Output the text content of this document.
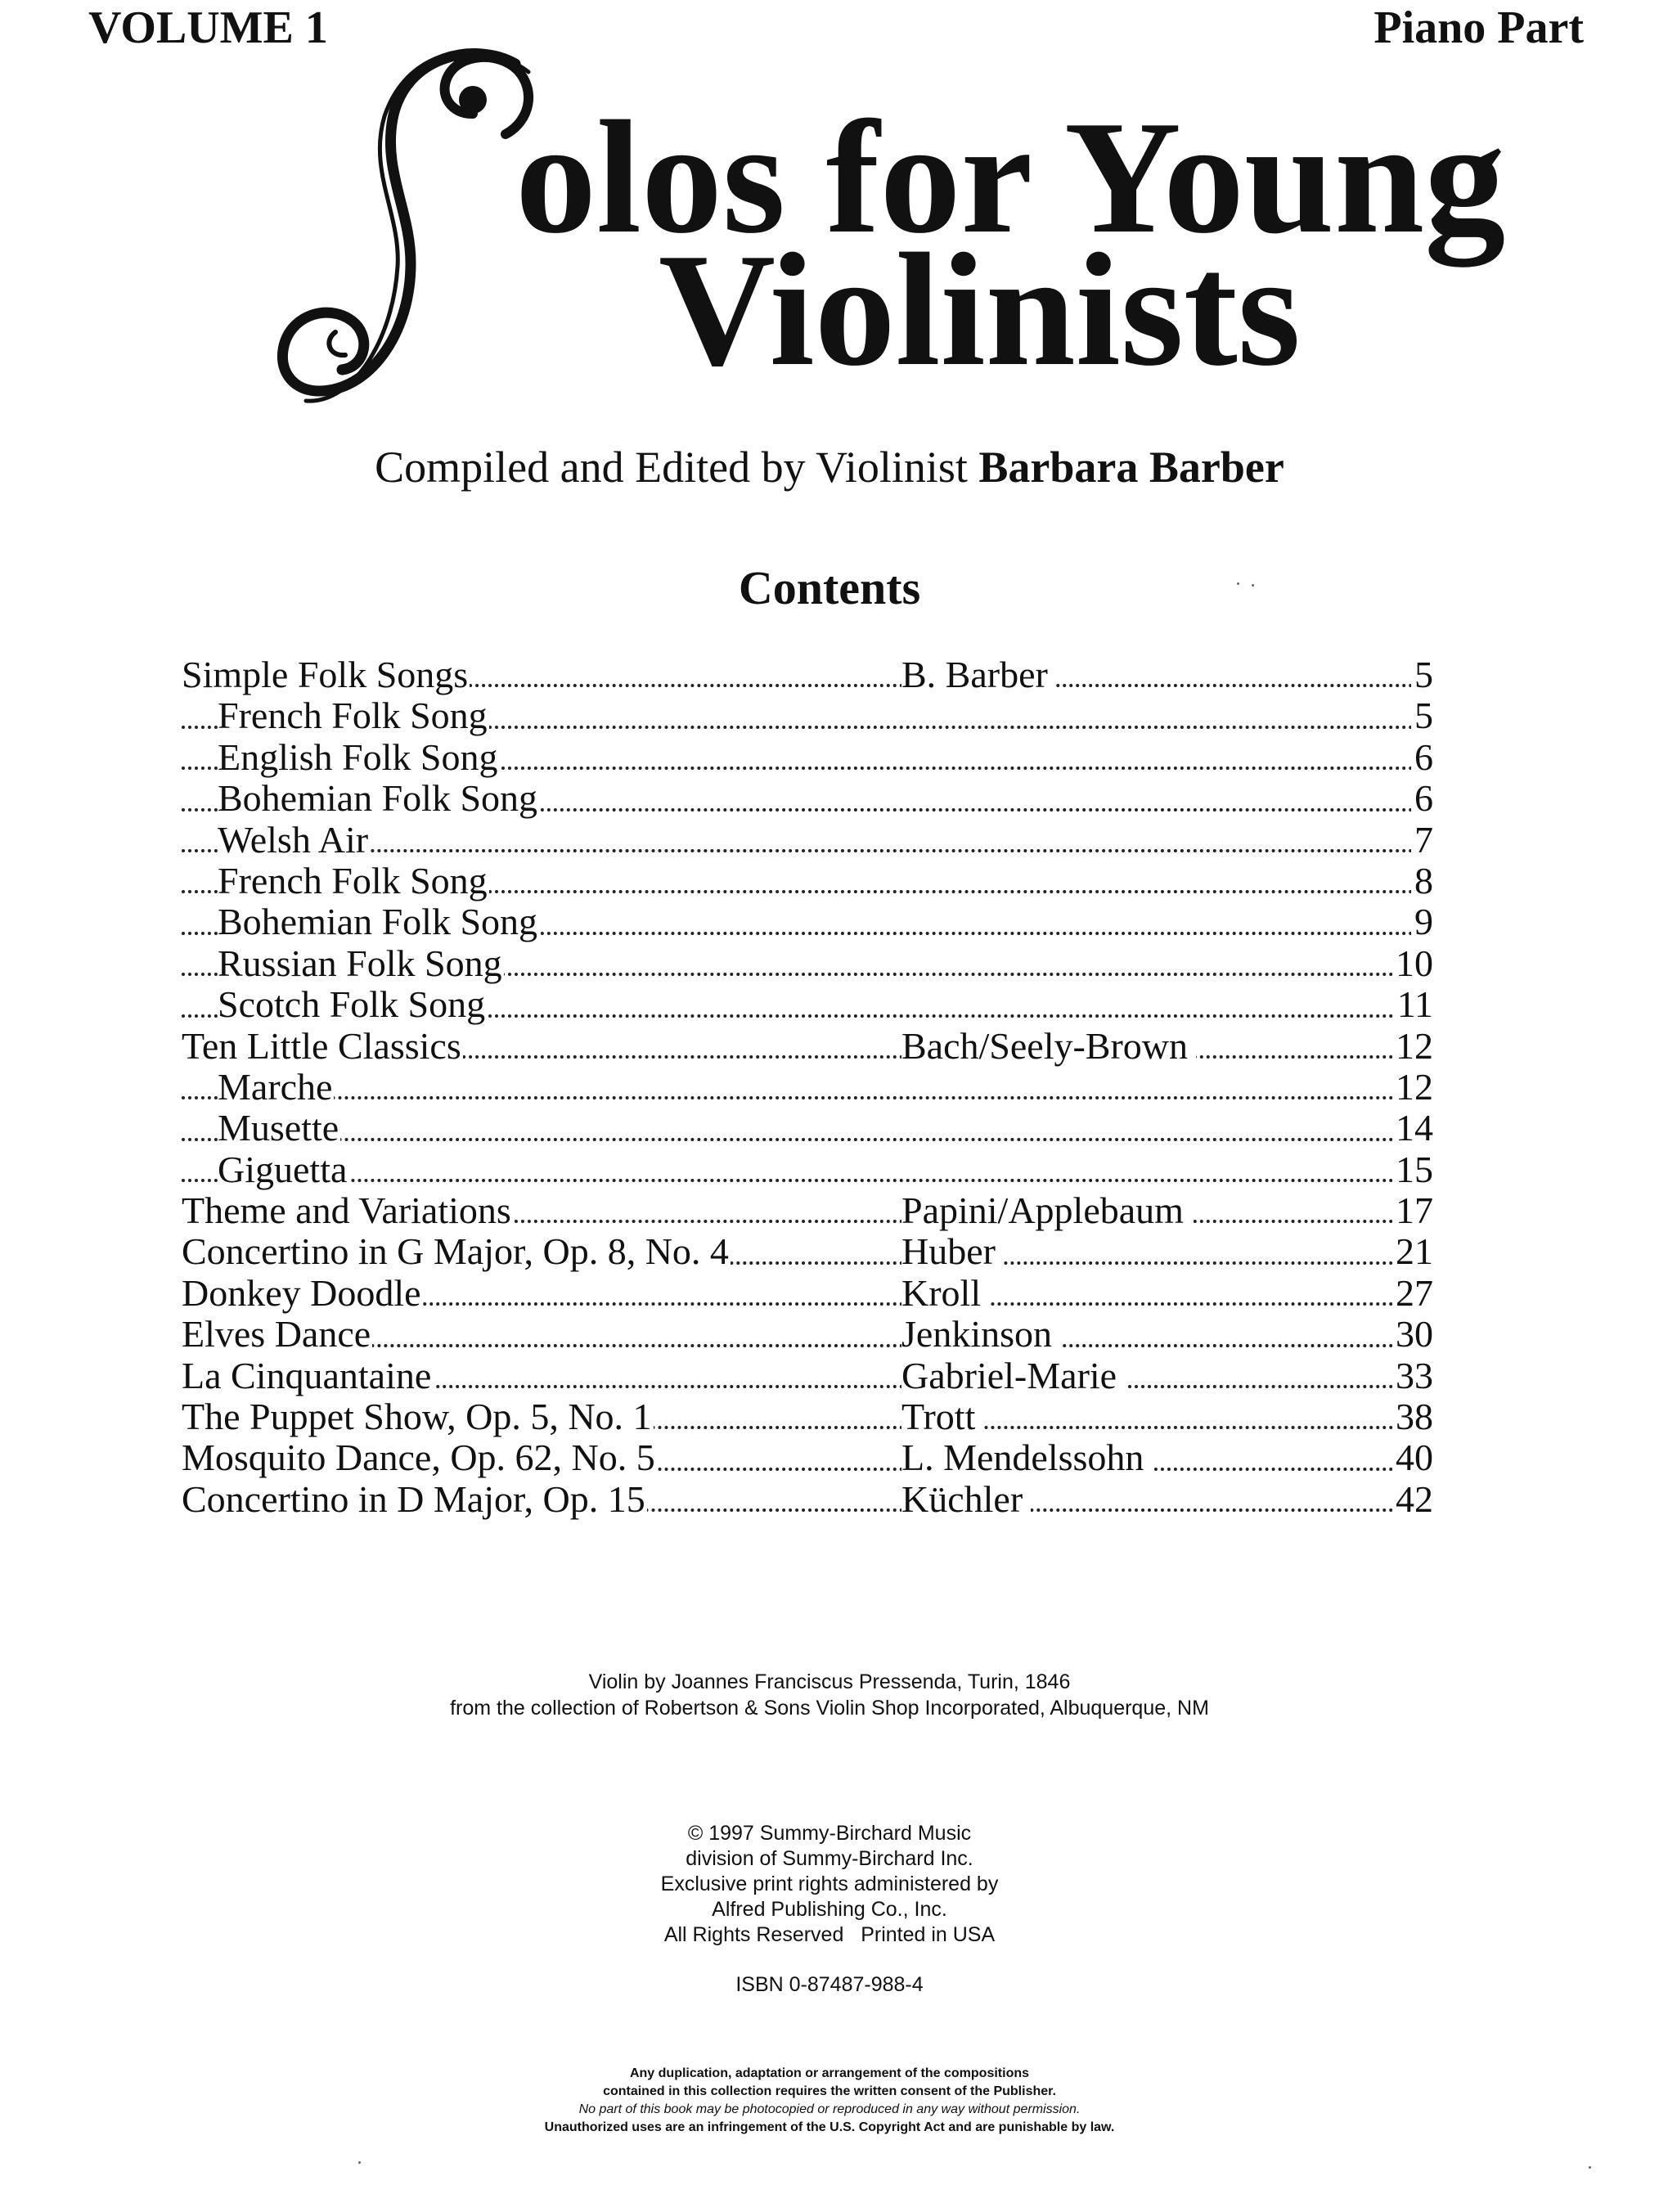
VOLUME 1	Piano Part
olos for Young
Violinists
Compiled and Edited by Violinist Barbara Barber
Contents
Simple Folk Songs	B. Barber	5
French Folk Song	5
English Folk Song	6
Bohemian Folk Song	6
Welsh Air	7
French Folk Song	8
Bohemian Folk Song	9
Russian Folk Song	10
Scotch Folk Song	11
Ten Little Classics	Bach/Seely-Brown	12
Marche	12
Musette	14
Giguetta	15
Theme and Variations	Papini/Applebaum	17
Concertino in G Major, Op. 8, No. 4	Huber	21
Donkey Doodle	Kroll	27
Elves Dance	Jenkinson	30
La Cinquantaine	Gabriel-Marie	33
The Puppet Show, Op. 5, No. 1	Trott	38
Mosquito Dance, Op. 62, No. 5	L. Mendelssohn	40
Concertino in D Major, Op. 15	Küchler	42
Violin by Joannes Franciscus Pressenda, Turin, 1846
from the collection of Robertson & Sons Violin Shop Incorporated, Albuquerque, NM
© 1997 Summy-Birchard Music
division of Summy-Birchard Inc.
Exclusive print rights administered by
Alfred Publishing Co., Inc.
All Rights Reserved   Printed in USA
ISBN 0-87487-988-4
Any duplication, adaptation or arrangement of the compositions
contained in this collection requires the written consent of the Publisher.
No part of this book may be photocopied or reproduced in any way without permission.
Unauthorized uses are an infringement of the U.S. Copyright Act and are punishable by law.
